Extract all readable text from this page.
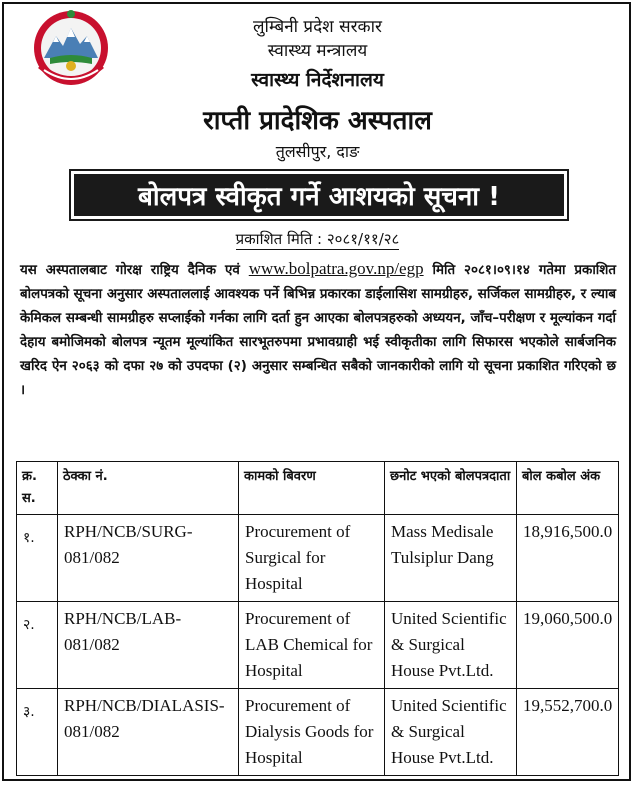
लुम्बिनी प्रदेश सरकार
स्वास्थ्य मन्त्रालय
स्वास्थ्य निर्देशनालय
राप्ती प्रादेशिक अस्पताल
तुलसीपुर, दाङ
बोलपत्र स्वीकृत गर्ने आशयको सूचना !
प्रकाशित मिति : २०८१/११/२८
यस अस्पतालबाट गोरक्ष राष्ट्रिय दैनिक एवं www.bolpatra.gov.np/egp मिति २०८१।०९।१४ गतेमा प्रकाशित बोलपत्रको सूचना अनुसार अस्पताललाई आवश्यक पर्ने बिभिन्न प्रकारका डाईलासिश सामग्रीहरु, सर्जिकल सामग्रीहरु, र ल्याब केमिकल सम्बन्धी सामग्रीहरु सप्लाईको गर्नका लागि दर्ता हुन आएका बोलपत्रहरुको अध्ययन, जाँच–परीक्षण र मूल्यांकन गर्दा देहाय बमोजिमको बोलपत्र न्यूतम मूल्यांकित सारभूतरुपमा प्रभावग्राही भई स्वीकृतीका लागि सिफारस भएकोले सार्बजनिक खरिद ऐन २०६३ को दफा २७ को उपदफा (२) अनुसार सम्बन्धित सबैको जानकारीको लागि यो सूचना प्रकाशित गरिएको छ ।
क्र. स.	ठेक्का नं.	कामको बिवरण	छनोट भएको बोलपत्रदाता	बोल कबोल अंक
१.	RPH/NCB/SURG-081/082	Procurement of Surgical for Hospital	Mass Medisale Tulsiplur Dang	18,916,500.0
२.	RPH/NCB/LAB-081/082	Procurement of LAB Chemical for Hospital	United Scientific & Surgical House Pvt.Ltd.	19,060,500.0
३.	RPH/NCB/DIALASIS-081/082	Procurement of Dialysis Goods for Hospital	United Scientific & Surgical House Pvt.Ltd.	19,552,700.0
